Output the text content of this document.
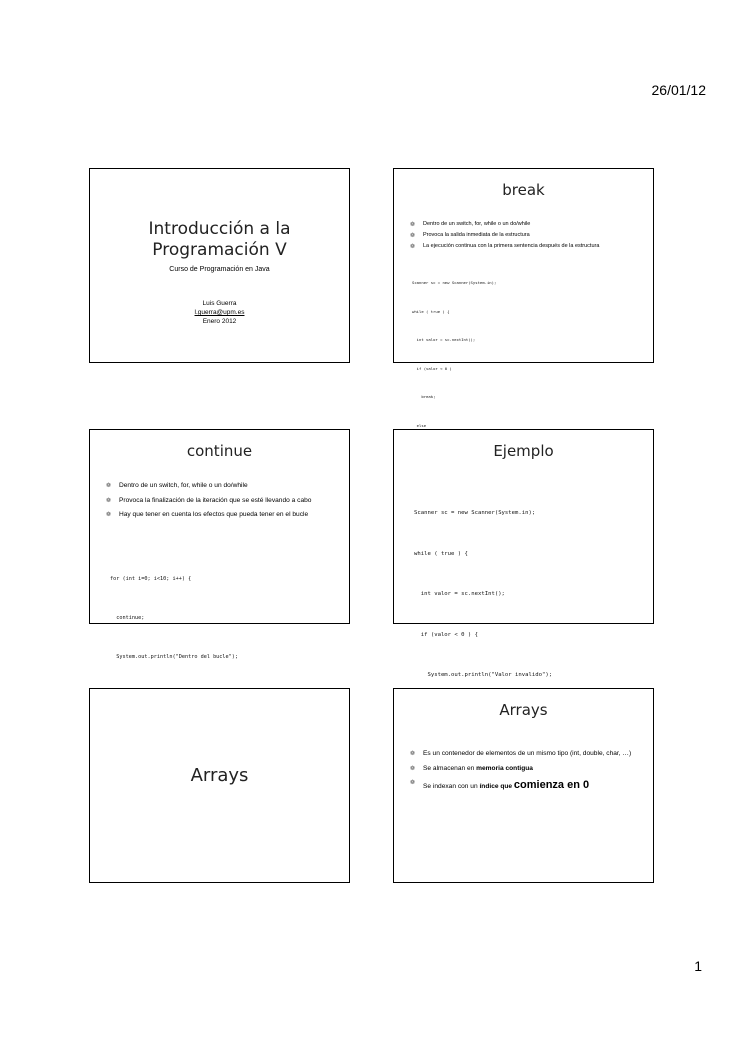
26/01/12
Introducción a la
Programación V
Curso de Programación en Java
Luis Guerra
l.guerra@upm.es
Enero 2012
break
❁ Dentro de un switch, for, while o un do/while
❁ Provoca la salida inmediata de la estructura
❁ La ejecución continua con la primera sentencia después de la estructura

Scanner sc = new Scanner(System.in);

while ( true ) {

int valor = sc.nextInt();

if (valor < 0 )

break;

else

continue
❁ Dentro de un switch, for, while o un do/while
❁ Provoca la finalización de la iteración que se esté llevando a cabo
❁ Hay que tener en cuenta los efectos que pueda tener en el bucle

for (int i=0; i<10; i++) {

continue;

System.out.println("Dentro del bucle");

Ejemplo

Scanner sc = new Scanner(System.in);

while ( true ) {

int valor = sc.nextInt();

if (valor < 0 ) {

System.out.println("Valor invalido");

Arrays
Arrays
❁ Es un contenedor de elementos de un mismo tipo (int, double, char, …)
❁ Se almacenan en memoria contigua
❁ Se indexan con un índice que comienza en 0
1
